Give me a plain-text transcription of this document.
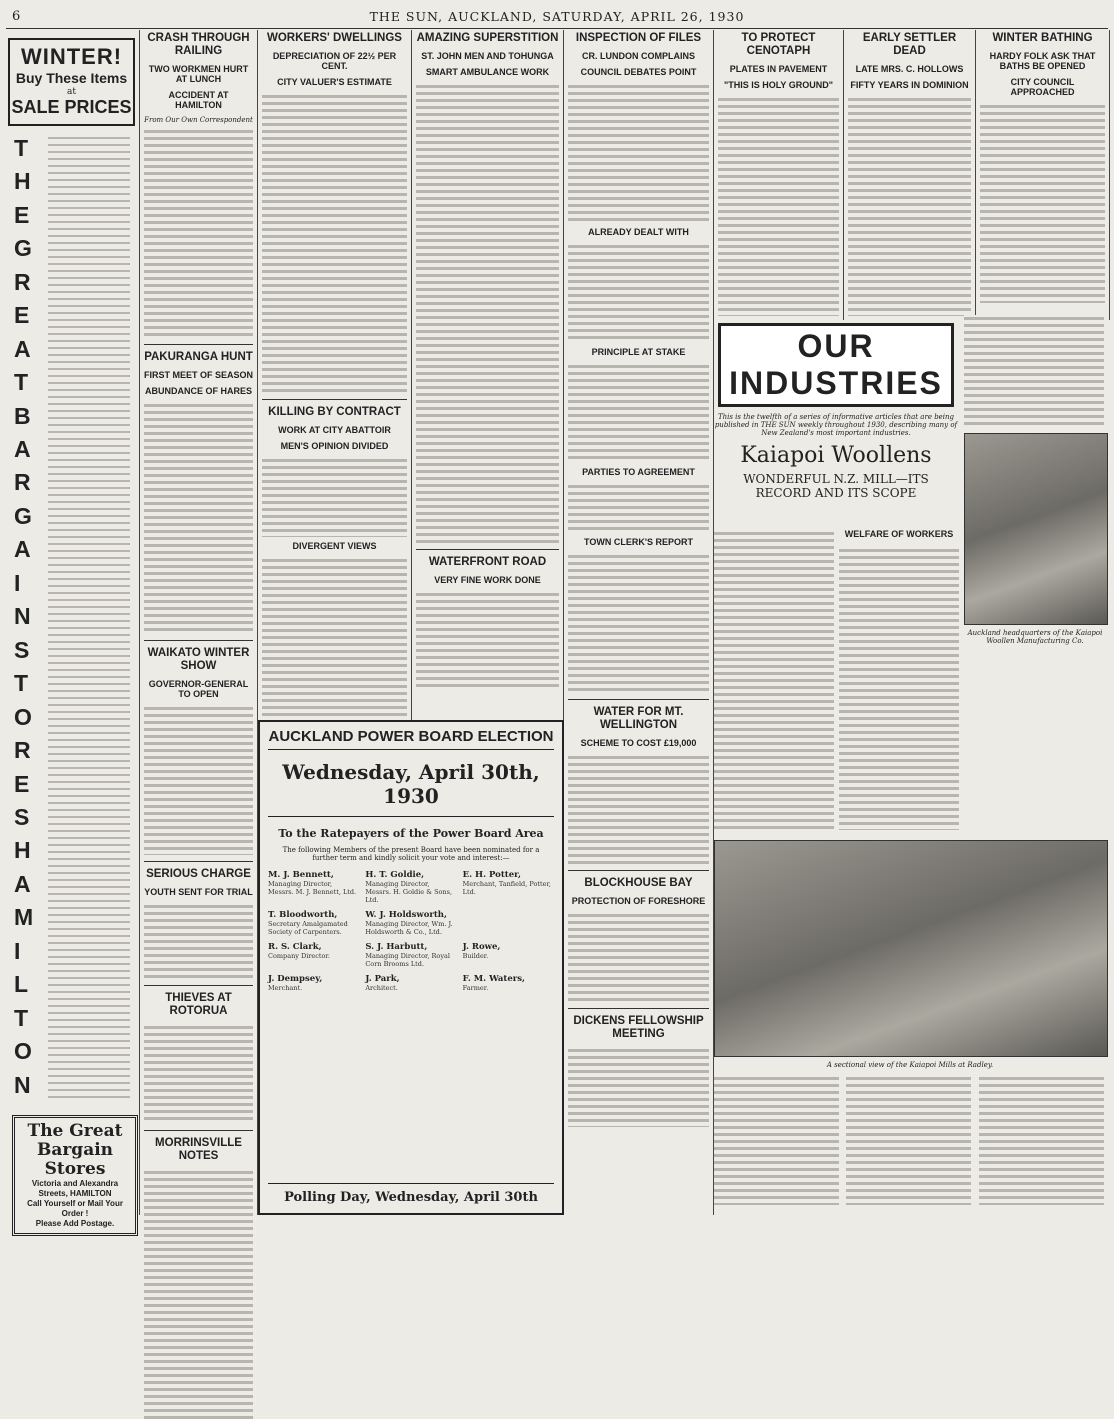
6	THE SUN, AUCKLAND, SATURDAY, APRIL 26, 1930
WINTER!
Buy These Items
at
SALE PRICES
T
H
E
G
R
E
A
T
B
A
R
G
A
I
N
S
T
O
R
E
S
H
A
M
I
L
T
O
N
The Great
Bargain
Stores
Victoria and Alexandra
Streets, HAMILTON
Call Yourself or Mail Your
Order !
Please Add Postage.
CRASH THROUGH RAILING
TWO WORKMEN HURT AT LUNCH
ACCIDENT AT HAMILTON
From Our Own Correspondent
PAKURANGA HUNT
FIRST MEET OF SEASON
ABUNDANCE OF HARES
WAIKATO WINTER SHOW
GOVERNOR-GENERAL TO OPEN
SERIOUS CHARGE
YOUTH SENT FOR TRIAL
THIEVES AT ROTORUA
MORRINSVILLE NOTES
WORKERS' DWELLINGS
DEPRECIATION OF 22½ PER CENT.
CITY VALUER'S ESTIMATE
KILLING BY CONTRACT
WORK AT CITY ABATTOIR
MEN'S OPINION DIVIDED
DIVERGENT VIEWS
AMAZING SUPERSTITION
ST. JOHN MEN AND TOHUNGA
SMART AMBULANCE WORK
WATERFRONT ROAD
VERY FINE WORK DONE
AUCKLAND POWER BOARD ELECTION
Wednesday, April 30th, 1930
To the Ratepayers of the Power Board Area
The following Members of the present Board have been nominated for a further term and kindly solicit your vote and interest:—
M. J. Bennett,
Managing Director, Messrs. M. J. Bennett, Ltd.
H. T. Goldie,
Managing Director, Messrs. H. Goldie & Sons, Ltd.
E. H. Potter,
Merchant, Tanfield, Potter, Ltd.
T. Bloodworth,
Secretary Amalgamated Society of Carpenters.
W. J. Holdsworth,
Managing Director, Wm. J. Holdsworth & Co., Ltd.
R. S. Clark,
Company Director.
S. J. Harbutt,
Managing Director, Royal Corn Brooms Ltd.
J. Rowe,
Builder.
J. Dempsey,
Merchant.
J. Park,
Architect.
F. M. Waters,
Farmer.
Polling Day, Wednesday, April 30th
INSPECTION OF FILES
CR. LUNDON COMPLAINS
COUNCIL DEBATES POINT
ALREADY DEALT WITH
PRINCIPLE AT STAKE
PARTIES TO AGREEMENT
TOWN CLERK'S REPORT
WATER FOR MT. WELLINGTON
SCHEME TO COST £19,000
BLOCKHOUSE BAY
PROTECTION OF FORESHORE
DICKENS FELLOWSHIP MEETING
TO PROTECT CENOTAPH
PLATES IN PAVEMENT
"THIS IS HOLY GROUND"
EARLY SETTLER DEAD
LATE MRS. C. HOLLOWS
FIFTY YEARS IN DOMINION
WINTER BATHING
HARDY FOLK ASK THAT BATHS BE OPENED
CITY COUNCIL APPROACHED
OUR INDUSTRIES
This is the twelfth of a series of informative articles that are being published in THE SUN weekly throughout 1930, describing many of New Zealand's most important industries.
Kaiapoi Woollens
WONDERFUL N.Z. MILL—ITS RECORD AND ITS SCOPE
Auckland headquarters of the Kaiapoi Woollen Manufacturing Co.
WELFARE OF WORKERS
A sectional view of the Kaiapoi Mills at Radley.
